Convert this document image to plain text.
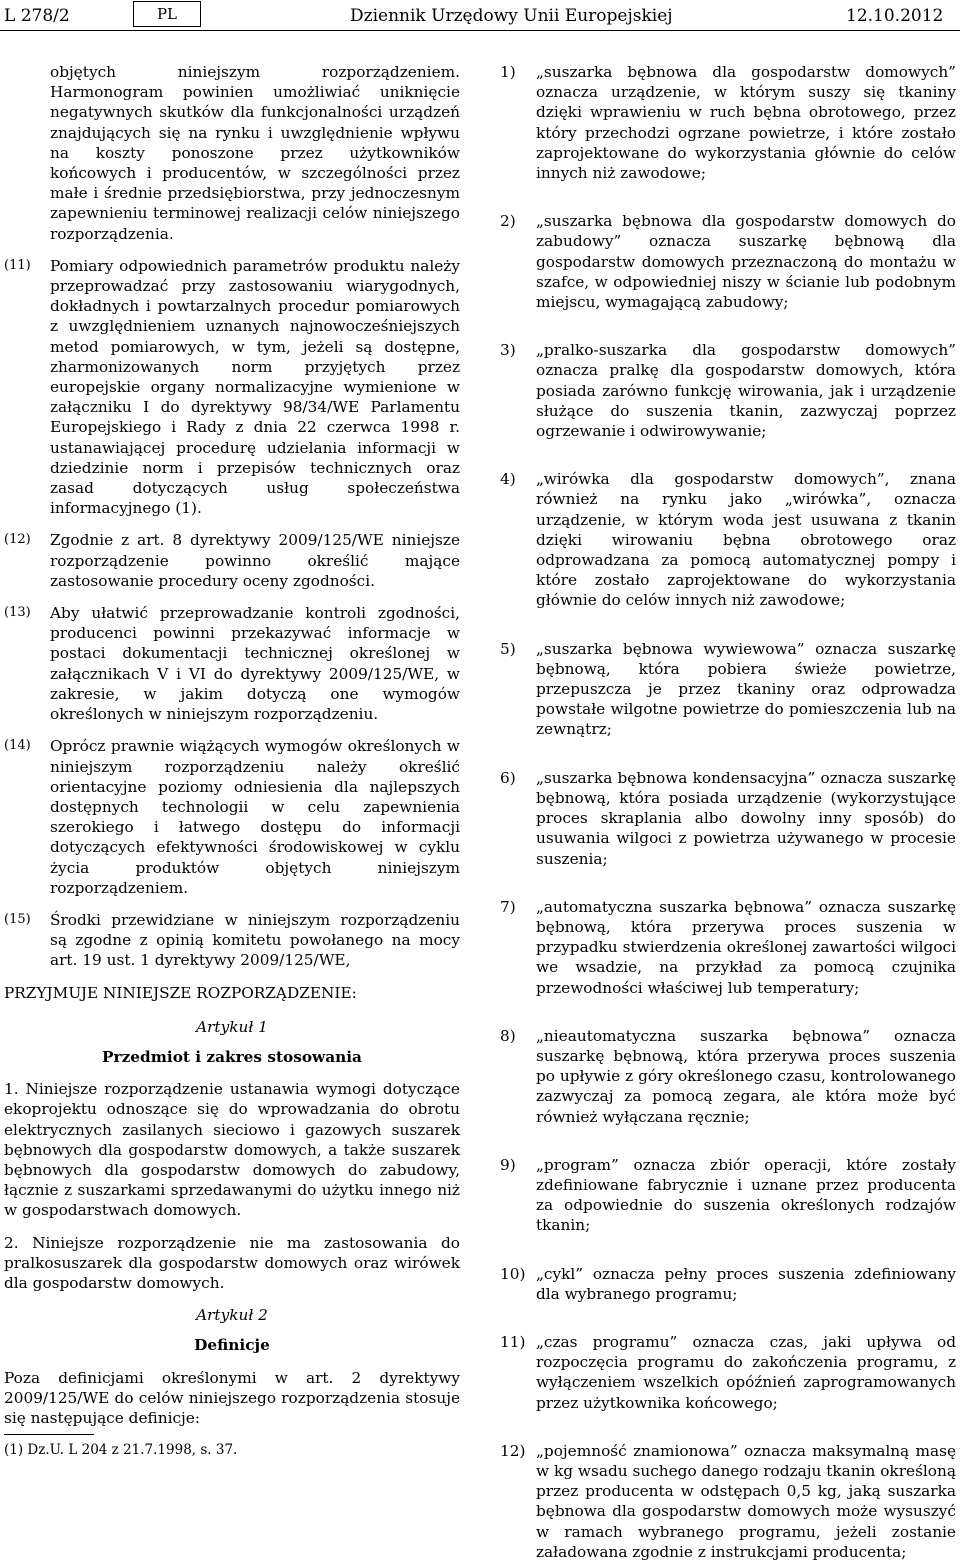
L 278/2	PL	Dziennik Urzędowy Unii Europejskiej	12.10.2012

objętych niniejszym rozporządzeniem. Harmonogram powinien umożliwiać uniknięcie negatywnych skutków dla funkcjonalności urządzeń znajdujących się na rynku i uwzględnienie wpływu na koszty ponoszone przez użytkowników końcowych i producentów, w szczególności przez małe i średnie przedsiębiorstwa, przy jednoczesnym zapewnieniu terminowej realizacji celów niniejszego rozporządzenia.

(11)	Pomiary odpowiednich parametrów produktu należy przeprowadzać przy zastosowaniu wiarygodnych, dokładnych i powtarzalnych procedur pomiarowych z uwzględnieniem uznanych najnowocześniejszych metod pomiarowych, w tym, jeżeli są dostępne, zharmonizowanych norm przyjętych przez europejskie organy normalizacyjne wymienione w załączniku I do dyrektywy 98/34/WE Parlamentu Europejskiego i Rady z dnia 22 czerwca 1998 r. ustanawiającej procedurę udzielania informacji w dziedzinie norm i przepisów technicznych oraz zasad dotyczących usług społeczeństwa informacyjnego (1).

(12)	Zgodnie z art. 8 dyrektywy 2009/125/WE niniejsze rozporządzenie powinno określić mające zastosowanie procedury oceny zgodności.

(13)	Aby ułatwić przeprowadzanie kontroli zgodności, producenci powinni przekazywać informacje w postaci dokumentacji technicznej określonej w załącznikach V i VI do dyrektywy 2009/125/WE, w zakresie, w jakim dotyczą one wymogów określonych w niniejszym rozporządzeniu.

(14)	Oprócz prawnie wiążących wymogów określonych w niniejszym rozporządzeniu należy określić orientacyjne poziomy odniesienia dla najlepszych dostępnych technologii w celu zapewnienia szerokiego i łatwego dostępu do informacji dotyczących efektywności środowiskowej w cyklu życia produktów objętych niniejszym rozporządzeniem.

(15)	Środki przewidziane w niniejszym rozporządzeniu są zgodne z opinią komitetu powołanego na mocy art. 19 ust. 1 dyrektywy 2009/125/WE,

PRZYJMUJE NINIEJSZE ROZPORZĄDZENIE:

Artykuł 1

Przedmiot i zakres stosowania

1. Niniejsze rozporządzenie ustanawia wymogi dotyczące ekoprojektu odnoszące się do wprowadzania do obrotu elektrycznych zasilanych sieciowo i gazowych suszarek bębnowych dla gospodarstw domowych, a także suszarek bębnowych dla gospodarstw domowych do zabudowy, łącznie z suszarkami sprzedawanymi do użytku innego niż w gospodarstwach domowych.

2. Niniejsze rozporządzenie nie ma zastosowania do pralkosuszarek dla gospodarstw domowych oraz wirówek dla gospodarstw domowych.

Artykuł 2

Definicje

Poza definicjami określonymi w art. 2 dyrektywy 2009/125/WE do celów niniejszego rozporządzenia stosuje się następujące definicje:

(1) Dz.U. L 204 z 21.7.1998, s. 37.

1)	„suszarka bębnowa dla gospodarstw domowych” oznacza urządzenie, w którym suszy się tkaniny dzięki wprawieniu w ruch bębna obrotowego, przez który przechodzi ogrzane powietrze, i które zostało zaprojektowane do wykorzystania głównie do celów innych niż zawodowe;

2)	„suszarka bębnowa dla gospodarstw domowych do zabudowy” oznacza suszarkę bębnową dla gospodarstw domowych przeznaczoną do montażu w szafce, w odpowiedniej niszy w ścianie lub podobnym miejscu, wymagającą zabudowy;

3)	„pralko-suszarka dla gospodarstw domowych” oznacza pralkę dla gospodarstw domowych, która posiada zarówno funkcję wirowania, jak i urządzenie służące do suszenia tkanin, zazwyczaj poprzez ogrzewanie i odwirowywanie;

4)	„wirówka dla gospodarstw domowych”, znana również na rynku jako „wirówka”, oznacza urządzenie, w którym woda jest usuwana z tkanin dzięki wirowaniu bębna obrotowego oraz odprowadzana za pomocą automatycznej pompy i które zostało zaprojektowane do wykorzystania głównie do celów innych niż zawodowe;

5)	„suszarka bębnowa wywiewowa” oznacza suszarkę bębnową, która pobiera świeże powietrze, przepuszcza je przez tkaniny oraz odprowadza powstałe wilgotne powietrze do pomieszczenia lub na zewnątrz;

6)	„suszarka bębnowa kondensacyjna” oznacza suszarkę bębnową, która posiada urządzenie (wykorzystujące proces skraplania albo dowolny inny sposób) do usuwania wilgoci z powietrza używanego w procesie suszenia;

7)	„automatyczna suszarka bębnowa” oznacza suszarkę bębnową, która przerywa proces suszenia w przypadku stwierdzenia określonej zawartości wilgoci we wsadzie, na przykład za pomocą czujnika przewodności właściwej lub temperatury;

8)	„nieautomatyczna suszarka bębnowa” oznacza suszarkę bębnową, która przerywa proces suszenia po upływie z góry określonego czasu, kontrolowanego zazwyczaj za pomocą zegara, ale która może być również wyłączana ręcznie;

9)	„program” oznacza zbiór operacji, które zostały zdefiniowane fabrycznie i uznane przez producenta za odpowiednie do suszenia określonych rodzajów tkanin;

10) „cykl” oznacza pełny proces suszenia zdefiniowany dla wybranego programu;

11) „czas programu” oznacza czas, jaki upływa od rozpoczęcia programu do zakończenia programu, z wyłączeniem wszelkich opóźnień zaprogramowanych przez użytkownika końcowego;

12) „pojemność znamionowa” oznacza maksymalną masę w kg wsadu suchego danego rodzaju tkanin określoną przez producenta w odstępach 0,5 kg, jaką suszarka bębnowa dla gospodarstw domowych może wysuszyć w ramach wybranego programu, jeżeli zostanie załadowana zgodnie z instrukcjami producenta;
